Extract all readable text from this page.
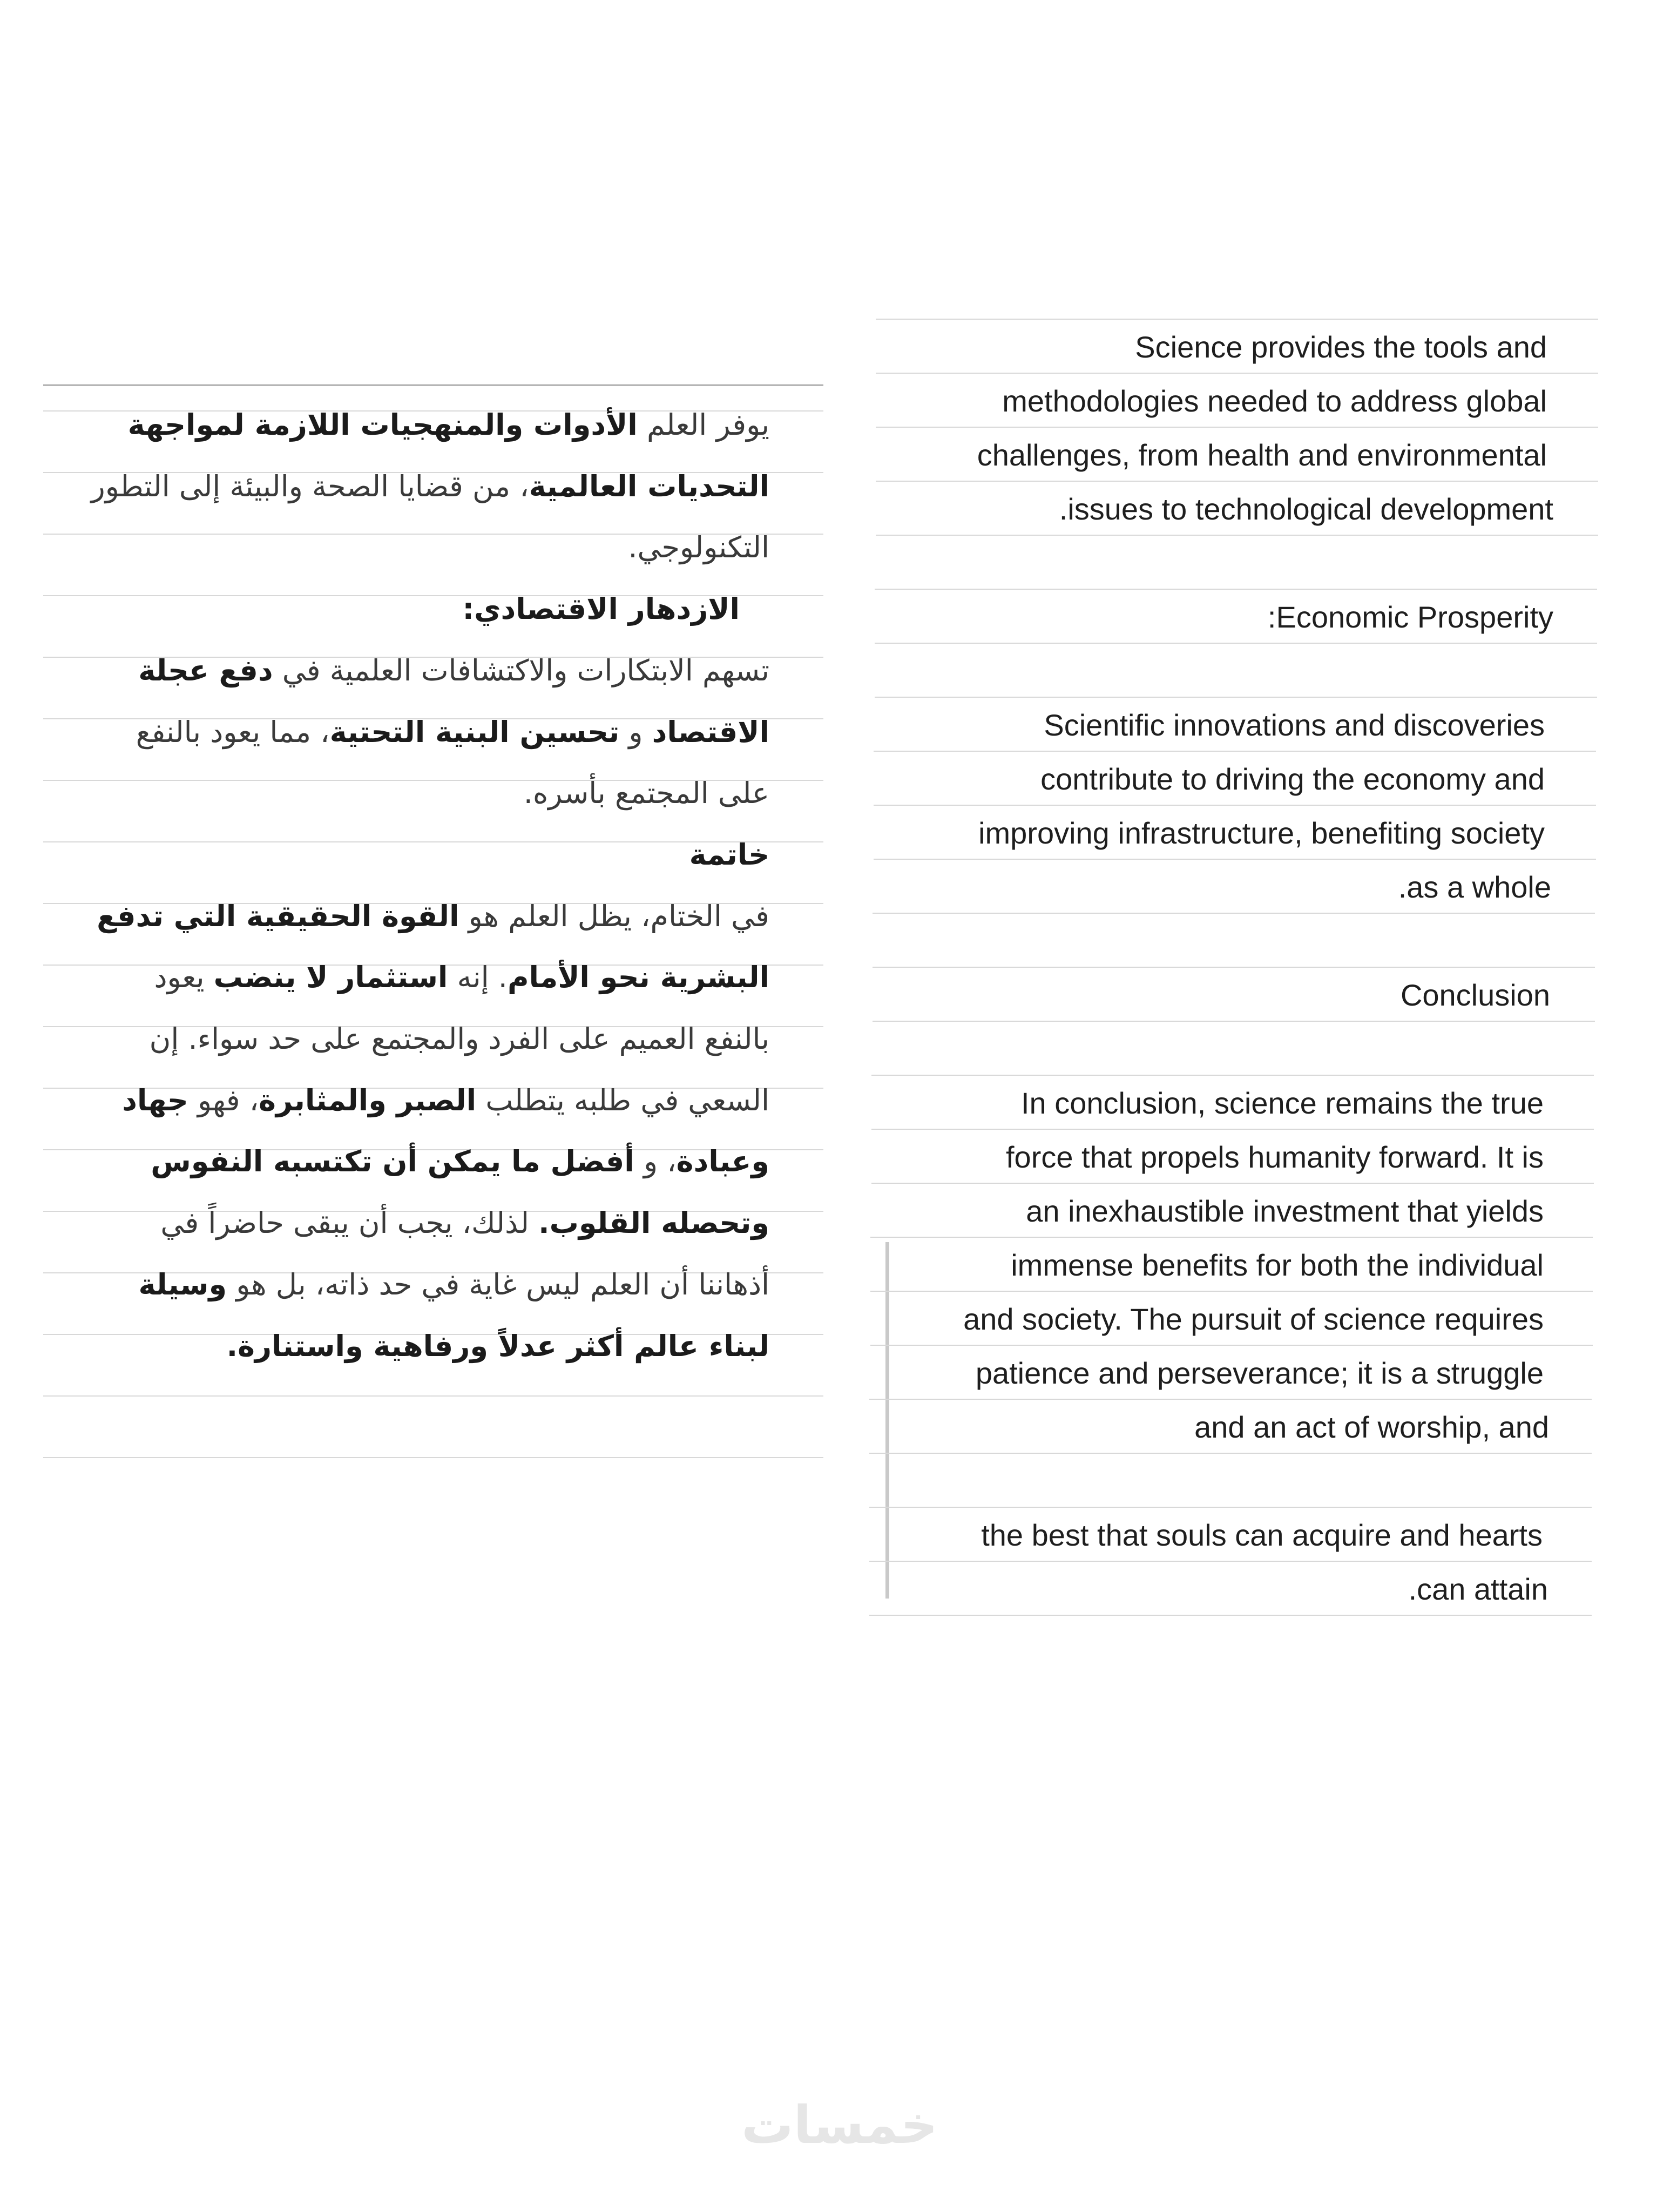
يوفر العلم الأدوات والمنهجيات اللازمة لمواجهة التحديات العالمية، من قضايا الصحة والبيئة إلى التطور التكنولوجي.

الازدهار الاقتصادي:

تسهم الابتكارات والاكتشافات العلمية في دفع عجلة الاقتصاد و تحسين البنية التحتية، مما يعود بالنفع على المجتمع بأسره.

خاتمة

في الختام، يظل العلم هو القوة الحقيقية التي تدفع البشرية نحو الأمام. إنه استثمار لا ينضب يعود بالنفع العميم على الفرد والمجتمع على حد سواء. إن السعي في طلبه يتطلب الصبر والمثابرة، فهو جهاد وعبادة، و أفضل ما يمكن أن تكتسبه النفوس وتحصله القلوب. لذلك، يجب أن يبقى حاضراً في أذهاننا أن العلم ليس غاية في حد ذاته، بل هو وسيلة لبناء عالم أكثر عدلاً ورفاهية واستنارة.

Science provides the tools and
methodologies needed to address global
challenges, from health and environmental
.issues to technological development
:Economic Prosperity
Scientific innovations and discoveries
contribute to driving the economy and
improving infrastructure, benefiting society
.as a whole
Conclusion
In conclusion, science remains the true
force that propels humanity forward. It is
an inexhaustible investment that yields
immense benefits for both the individual
and society. The pursuit of science requires
patience and perseverance; it is a struggle
and an act of worship, and
the best that souls can acquire and hearts
.can attain
خمسات
